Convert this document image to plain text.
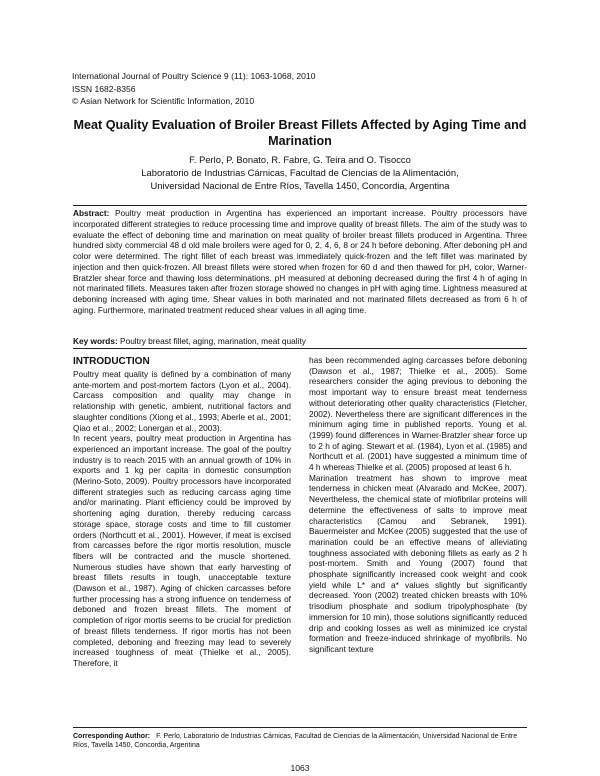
International Journal of Poultry Science 9 (11): 1063-1068, 2010
ISSN 1682-8356
© Asian Network for Scientific Information, 2010
Meat Quality Evaluation of Broiler Breast Fillets Affected by Aging Time and Marination
F. Perlo, P. Bonato, R. Fabre, G. Teira and O. Tisocco
Laboratorio de Industrias Cárnicas, Facultad de Ciencias de la Alimentación,
Universidad Nacional de Entre Ríos, Tavella 1450, Concordia, Argentina
Abstract: Poultry meat production in Argentina has experienced an important increase. Poultry processors have incorporated different strategies to reduce processing time and improve quality of breast fillets. The aim of the study was to evaluate the effect of deboning time and marination on meat quality of broiler breast fillets produced in Argentina. Three hundred sixty commercial 48 d old male broilers were aged for 0, 2, 4, 6, 8 or 24 h before deboning. After deboning pH and color were determined. The right fillet of each breast was immediately quick-frozen and the left fillet was marinated by injection and then quick-frozen. All breast fillets were stored when frozen for 60 d and then thawed for pH, color, Warner-Bratzler shear force and thawing loss determinations. pH measured at deboning decreased during the first 4 h of aging in not marinated fillets. Measures taken after frozen storage showed no changes in pH with aging time. Lightness measured at deboning increased with aging time. Shear values in both marinated and not marinated fillets decreased as from 6 h of aging. Furthermore, marinated treatment reduced shear values in all aging time.
Key words: Poultry breast fillet, aging, marination, meat quality
INTRODUCTION

Poultry meat quality is defined by a combination of many ante-mortem and post-mortem factors (Lyon et al., 2004). Carcass composition and quality may change in relationship with genetic, ambient, nutritional factors and slaughter conditions (Xiong et al., 1993; Aberle et al., 2001; Qiao et al., 2002; Lonergan et al., 2003).

In recent years, poultry meat production in Argentina has experienced an important increase. The goal of the poultry industry is to reach 2015 with an annual growth of 10% in exports and 1 kg per capita in domestic consumption (Merino-Soto, 2009). Poultry processors have incorporated different strategies such as reducing carcass aging time and/or marinating. Plant efficiency could be improved by shortening aging duration, thereby reducing carcass storage space, storage costs and time to fill customer orders (Northcutt et al., 2001). However, if meat is excised from carcasses before the rigor mortis resolution, muscle fibers will be contracted and the muscle shortened. Numerous studies have shown that early harvesting of breast fillets results in tough, unacceptable texture (Dawson et al., 1987). Aging of chicken carcasses before further processing has a strong influence on tenderness of deboned and frozen breast fillets. The moment of completion of rigor mortis seems to be crucial for prediction of breast fillets tenderness. If rigor mortis has not been completed, deboning and freezing may lead to severely increased toughness of meat (Thielke et al., 2005). Therefore, it

has been recommended aging carcasses before deboning (Dawson et al., 1987; Thielke et al., 2005). Some researchers consider the aging previous to deboning the most important way to ensure breast meat tenderness without deteriorating other quality characteristics (Fletcher, 2002). Nevertheless there are significant differences in the minimum aging time in published reports. Young et al. (1999) found differences in Warner-Bratzler shear force up to 2 h of aging. Stewart et al. (1984), Lyon et al. (1985) and Northcutt et al. (2001) have suggested a minimum time of 4 h whereas Thielke et al. (2005) proposed at least 6 h.

Marination treatment has shown to improve meat tenderness in chicken meat (Alvarado and McKee, 2007). Nevertheless, the chemical state of miofibrilar proteins will determine the effectiveness of salts to improve meat characteristics (Camou and Sebranek, 1991). Bauermeister and McKee (2005) suggested that the use of marination could be an effective means of alleviating toughness associated with deboning fillets as early as 2 h post-mortem. Smith and Young (2007) found that phosphate significantly increased cook weight and cook yield while L* and a* values slightly but significantly decreased. Yoon (2002) treated chicken breasts with 10% trisodium phosphate and sodium tripolyphosphate (by immersion for 10 min), those solutions significantly reduced drip and cooking losses as well as minimized ice crystal formation and freeze-induced shrinkage of myofibrils. No significant texture

Corresponding Author: F. Perlo, Laboratorio de Industrias Cárnicas, Facultad de Ciencias de la Alimentación, Universidad Nacional de Entre Ríos, Tavella 1450, Concordia, Argentina
1063
